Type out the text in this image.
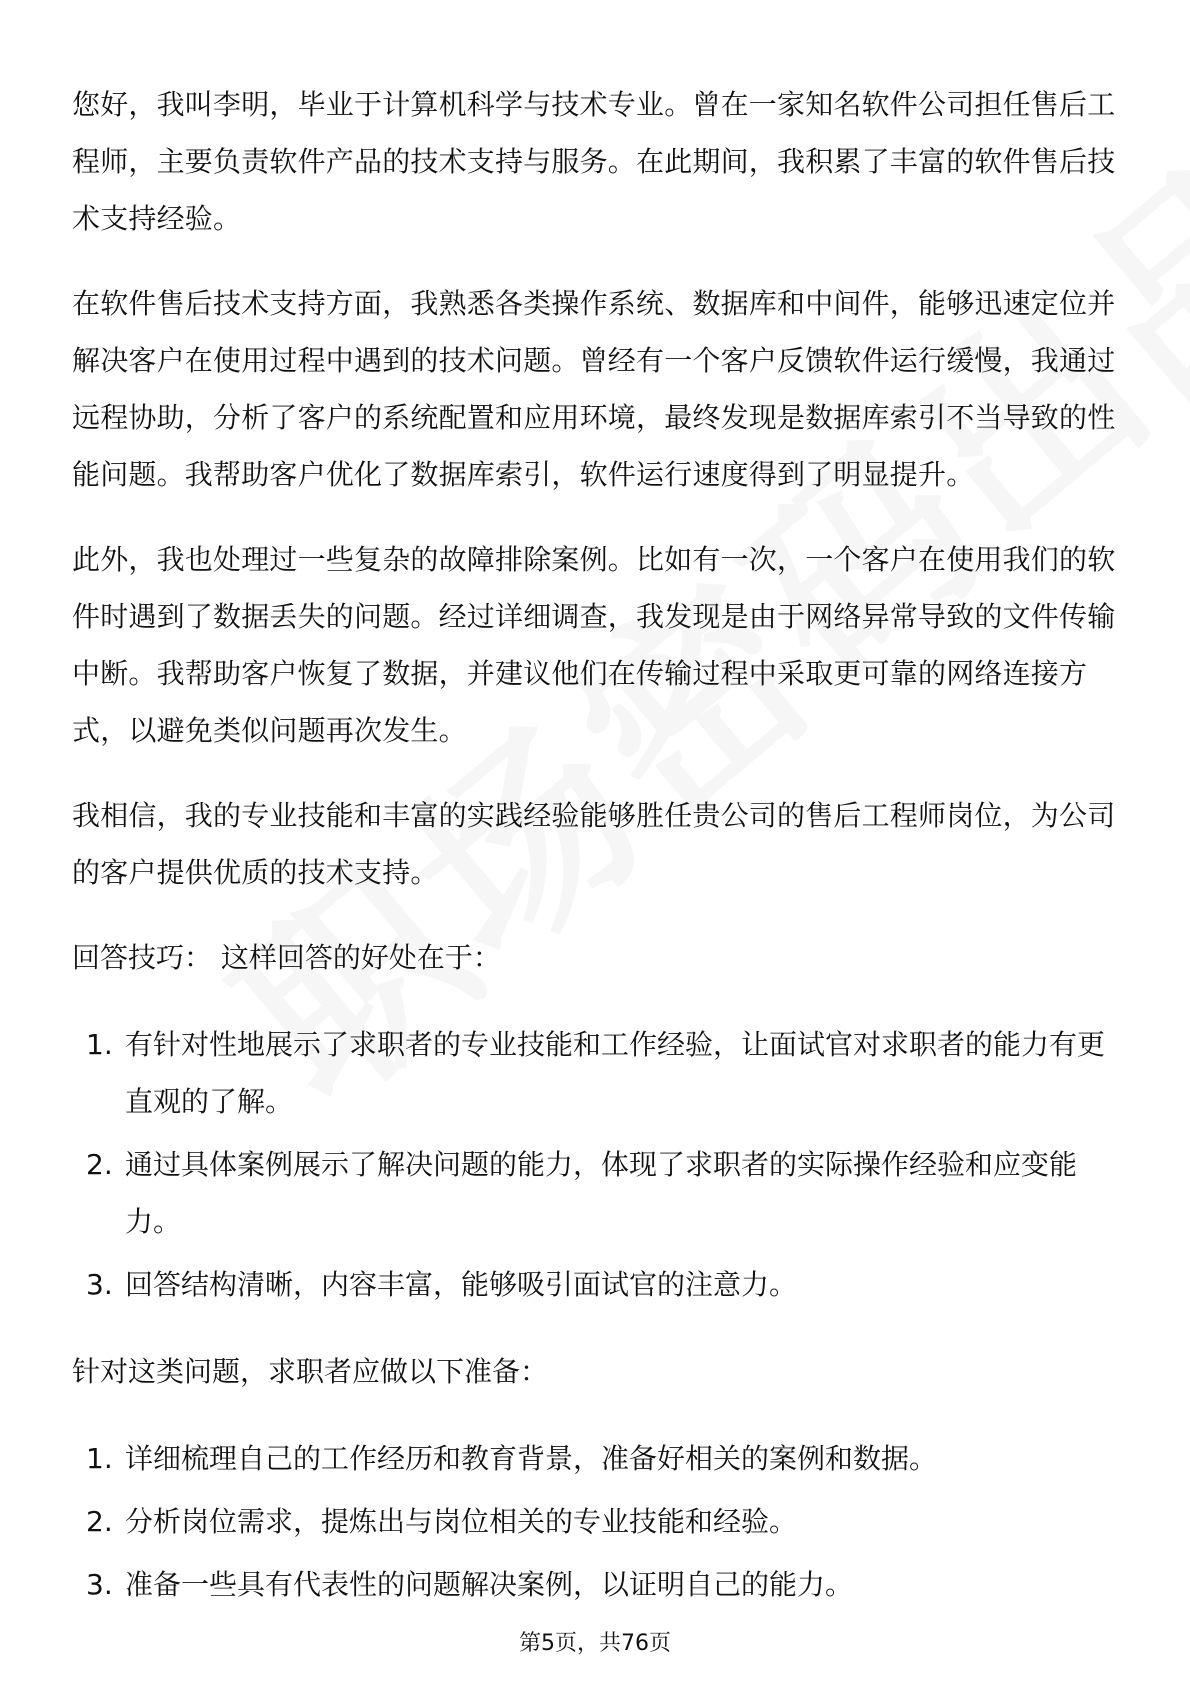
您好，我叫李明，毕业于计算机科学与技术专业。曾在一家知名软件公司担任售后工程师，主要负责软件产品的技术支持与服务。在此期间，我积累了丰富的软件售后技术支持经验。

在软件售后技术支持方面，我熟悉各类操作系统、数据库和中间件，能够迅速定位并解决客户在使用过程中遇到的技术问题。曾经有一个客户反馈软件运行缓慢，我通过远程协助，分析了客户的系统配置和应用环境，最终发现是数据库索引不当导致的性能问题。我帮助客户优化了数据库索引，软件运行速度得到了明显提升。

此外，我也处理过一些复杂的故障排除案例。比如有一次，一个客户在使用我们的软件时遇到了数据丢失的问题。经过详细调查，我发现是由于网络异常导致的文件传输中断。我帮助客户恢复了数据，并建议他们在传输过程中采取更可靠的网络连接方式，以避免类似问题再次发生。

我相信，我的专业技能和丰富的实践经验能够胜任贵公司的售后工程师岗位，为公司的客户提供优质的技术支持。

回答技巧： 这样回答的好处在于：
1. 有针对性地展示了求职者的专业技能和工作经验，让面试官对求职者的能力有更直观的了解。
2. 通过具体案例展示了解决问题的能力，体现了求职者的实际操作经验和应变能力。
3. 回答结构清晰，内容丰富，能够吸引面试官的注意力。
针对这类问题，求职者应做以下准备：
1. 详细梳理自己的工作经历和教育背景，准备好相关的案例和数据。
2. 分析岗位需求，提炼出与岗位相关的专业技能和经验。
3. 准备一些具有代表性的问题解决案例，以证明自己的能力。
第5页，共76页
